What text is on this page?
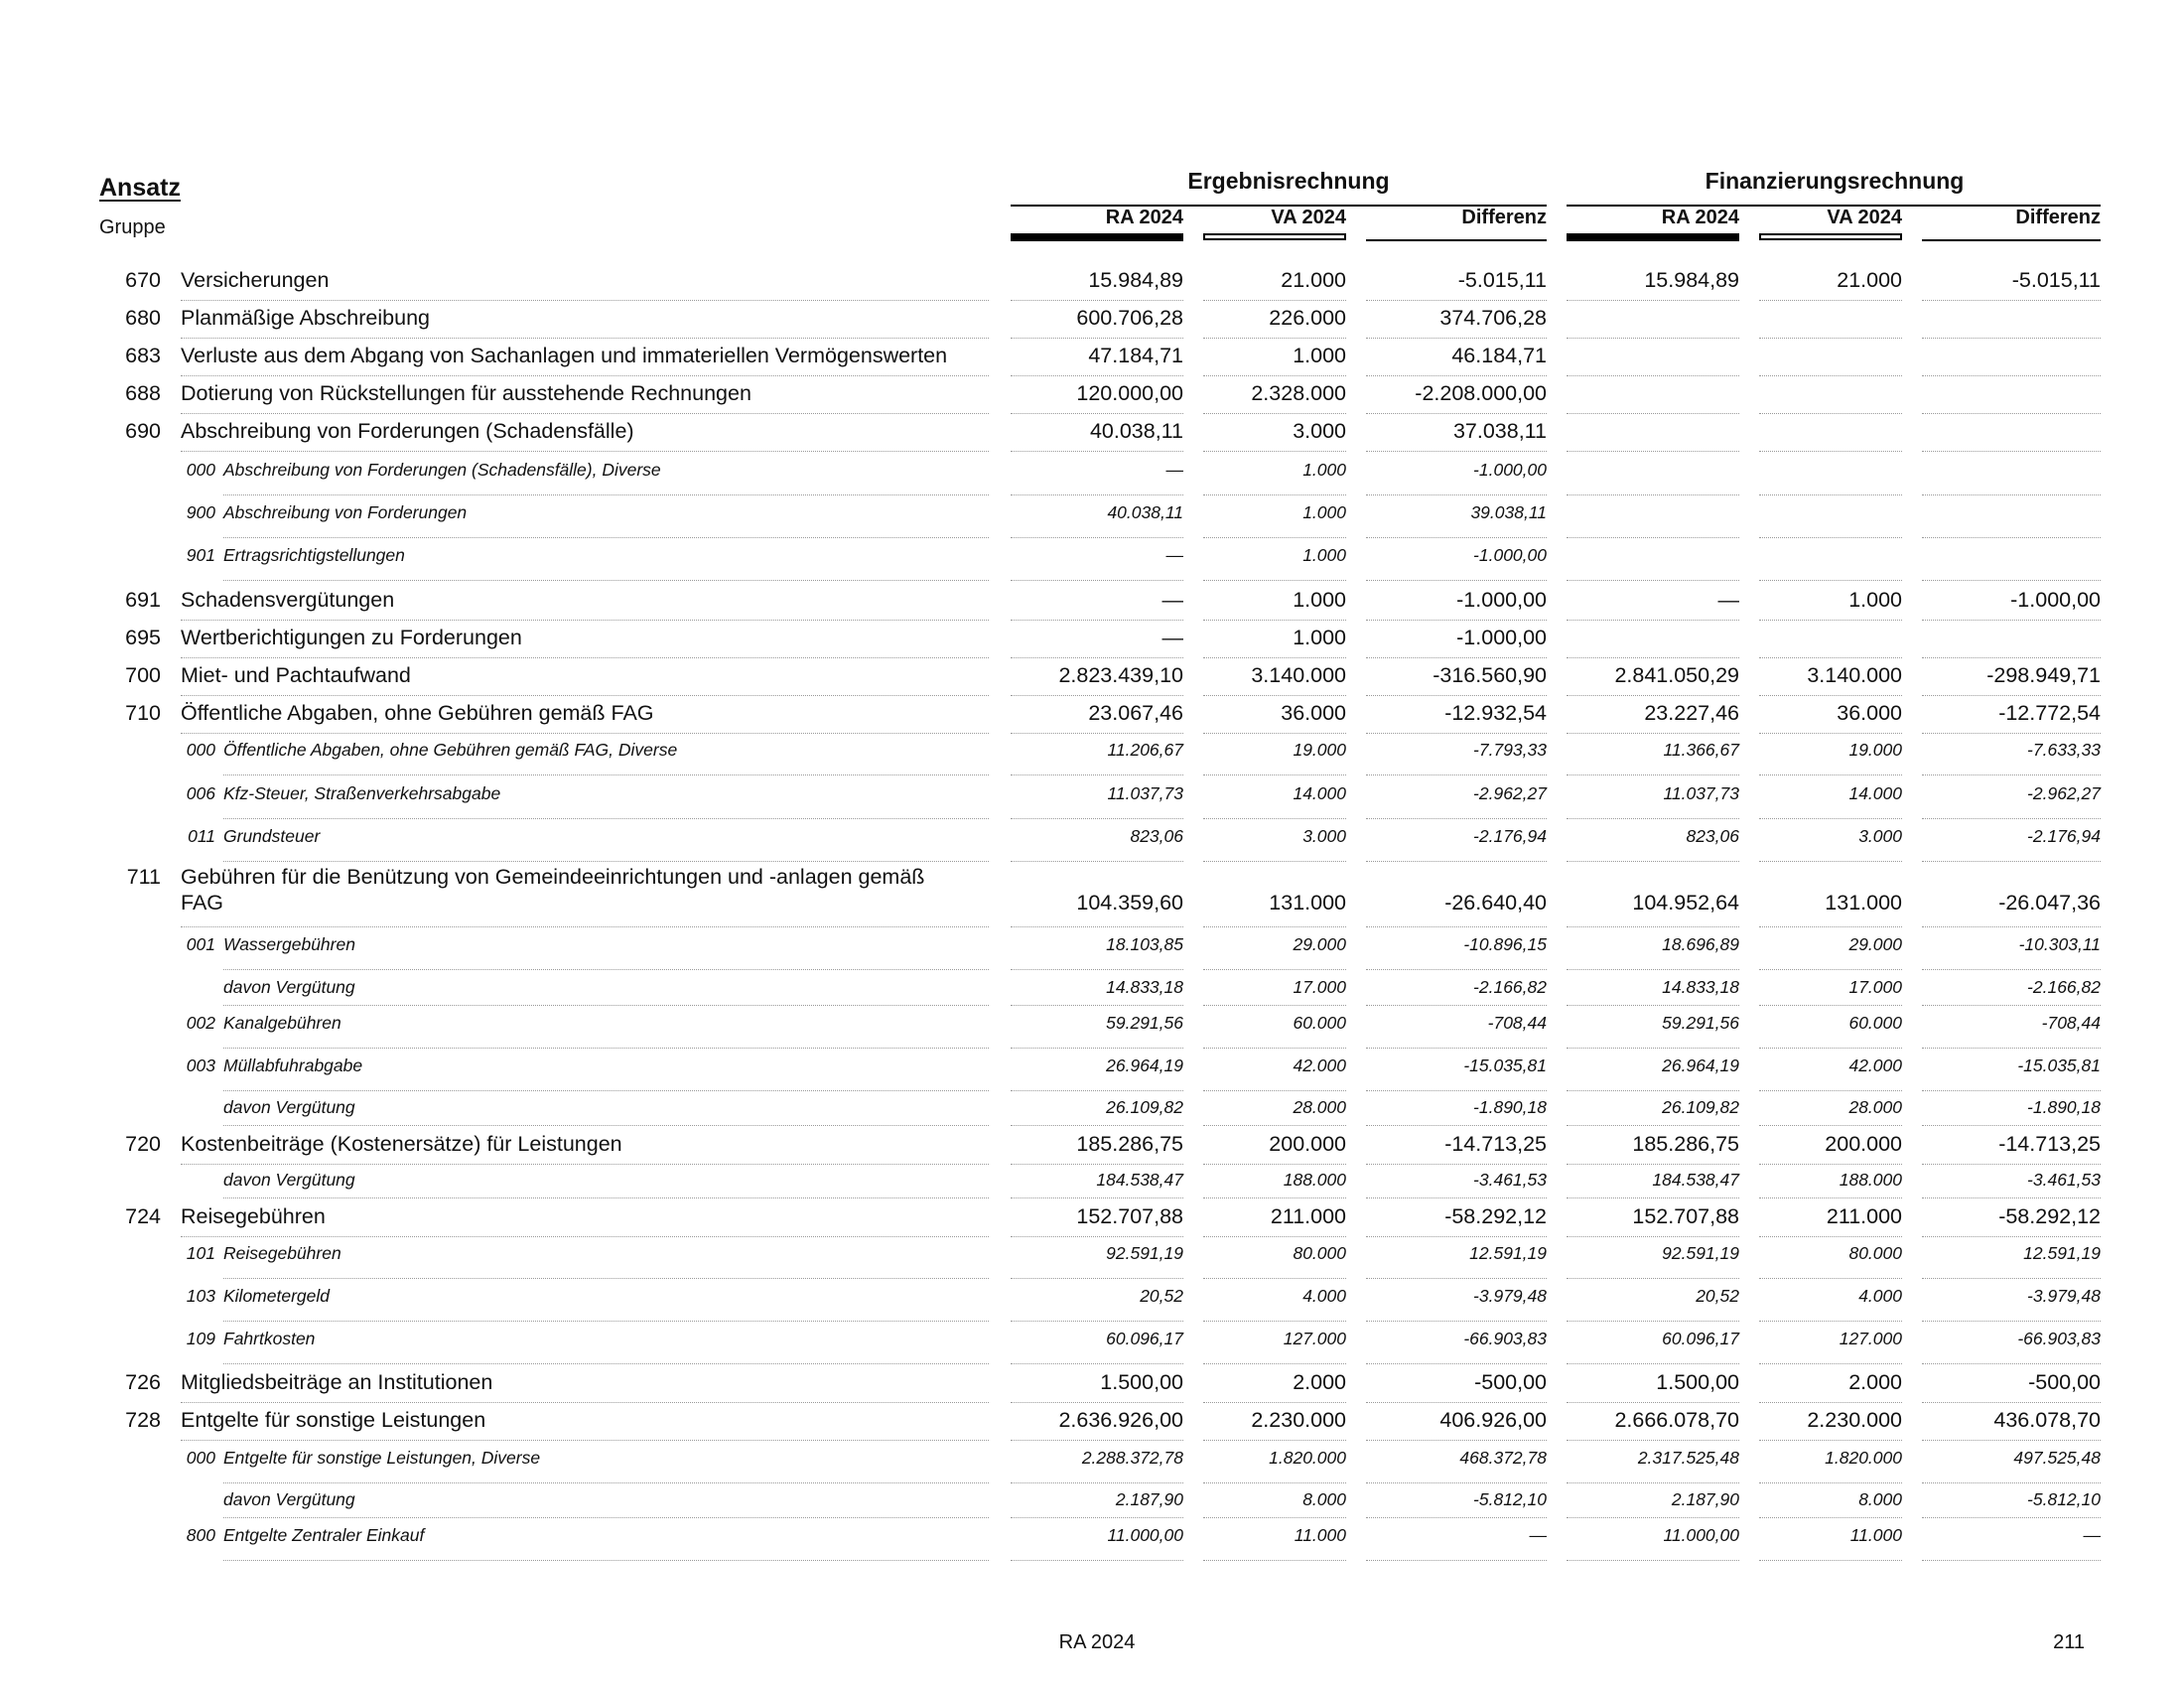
Ansatz
Gruppe
Ergebnisrechnung	Finanzierungsrechnung
RA 2024	VA 2024	Differenz	RA 2024	VA 2024	Differenz
670 Versicherungen	15.984,89	21.000	-5.015,11	15.984,89	21.000	-5.015,11
680 Planmäßige Abschreibung	600.706,28	226.000	374.706,28
683 Verluste aus dem Abgang von Sachanlagen und immateriellen Vermögenswerten	47.184,71	1.000	46.184,71
688 Dotierung von Rückstellungen für ausstehende Rechnungen	120.000,00	2.328.000	-2.208.000,00
690 Abschreibung von Forderungen (Schadensfälle)	40.038,11	3.000	37.038,11
000 Abschreibung von Forderungen (Schadensfälle), Diverse	—	1.000	-1.000,00
900 Abschreibung von Forderungen	40.038,11	1.000	39.038,11
901 Ertragsrichtigstellungen	—	1.000	-1.000,00
691 Schadensvergütungen	—	1.000	-1.000,00	—	1.000	-1.000,00
695 Wertberichtigungen zu Forderungen	—	1.000	-1.000,00
700 Miet- und Pachtaufwand	2.823.439,10	3.140.000	-316.560,90	2.841.050,29	3.140.000	-298.949,71
710 Öffentliche Abgaben, ohne Gebühren gemäß FAG	23.067,46	36.000	-12.932,54	23.227,46	36.000	-12.772,54
000 Öffentliche Abgaben, ohne Gebühren gemäß FAG, Diverse	11.206,67	19.000	-7.793,33	11.366,67	19.000	-7.633,33
006 Kfz-Steuer, Straßenverkehrsabgabe	11.037,73	14.000	-2.962,27	11.037,73	14.000	-2.962,27
011 Grundsteuer	823,06	3.000	-2.176,94	823,06	3.000	-2.176,94
711 Gebühren für die Benützung von Gemeindeeinrichtungen und -anlagen gemäß
FAG	104.359,60	131.000	-26.640,40	104.952,64	131.000	-26.047,36
001 Wassergebühren	18.103,85	29.000	-10.896,15	18.696,89	29.000	-10.303,11
davon Vergütung	14.833,18	17.000	-2.166,82	14.833,18	17.000	-2.166,82
002 Kanalgebühren	59.291,56	60.000	-708,44	59.291,56	60.000	-708,44
003 Müllabfuhrabgabe	26.964,19	42.000	-15.035,81	26.964,19	42.000	-15.035,81
davon Vergütung	26.109,82	28.000	-1.890,18	26.109,82	28.000	-1.890,18
720 Kostenbeiträge (Kostenersätze) für Leistungen	185.286,75	200.000	-14.713,25	185.286,75	200.000	-14.713,25
davon Vergütung	184.538,47	188.000	-3.461,53	184.538,47	188.000	-3.461,53
724 Reisegebühren	152.707,88	211.000	-58.292,12	152.707,88	211.000	-58.292,12
101 Reisegebühren	92.591,19	80.000	12.591,19	92.591,19	80.000	12.591,19
103 Kilometergeld	20,52	4.000	-3.979,48	20,52	4.000	-3.979,48
109 Fahrtkosten	60.096,17	127.000	-66.903,83	60.096,17	127.000	-66.903,83
726 Mitgliedsbeiträge an Institutionen	1.500,00	2.000	-500,00	1.500,00	2.000	-500,00
728 Entgelte für sonstige Leistungen	2.636.926,00	2.230.000	406.926,00	2.666.078,70	2.230.000	436.078,70
000 Entgelte für sonstige Leistungen, Diverse	2.288.372,78	1.820.000	468.372,78	2.317.525,48	1.820.000	497.525,48
davon Vergütung	2.187,90	8.000	-5.812,10	2.187,90	8.000	-5.812,10
800 Entgelte Zentraler Einkauf	11.000,00	11.000	—	11.000,00	11.000	—
RA 2024	211
